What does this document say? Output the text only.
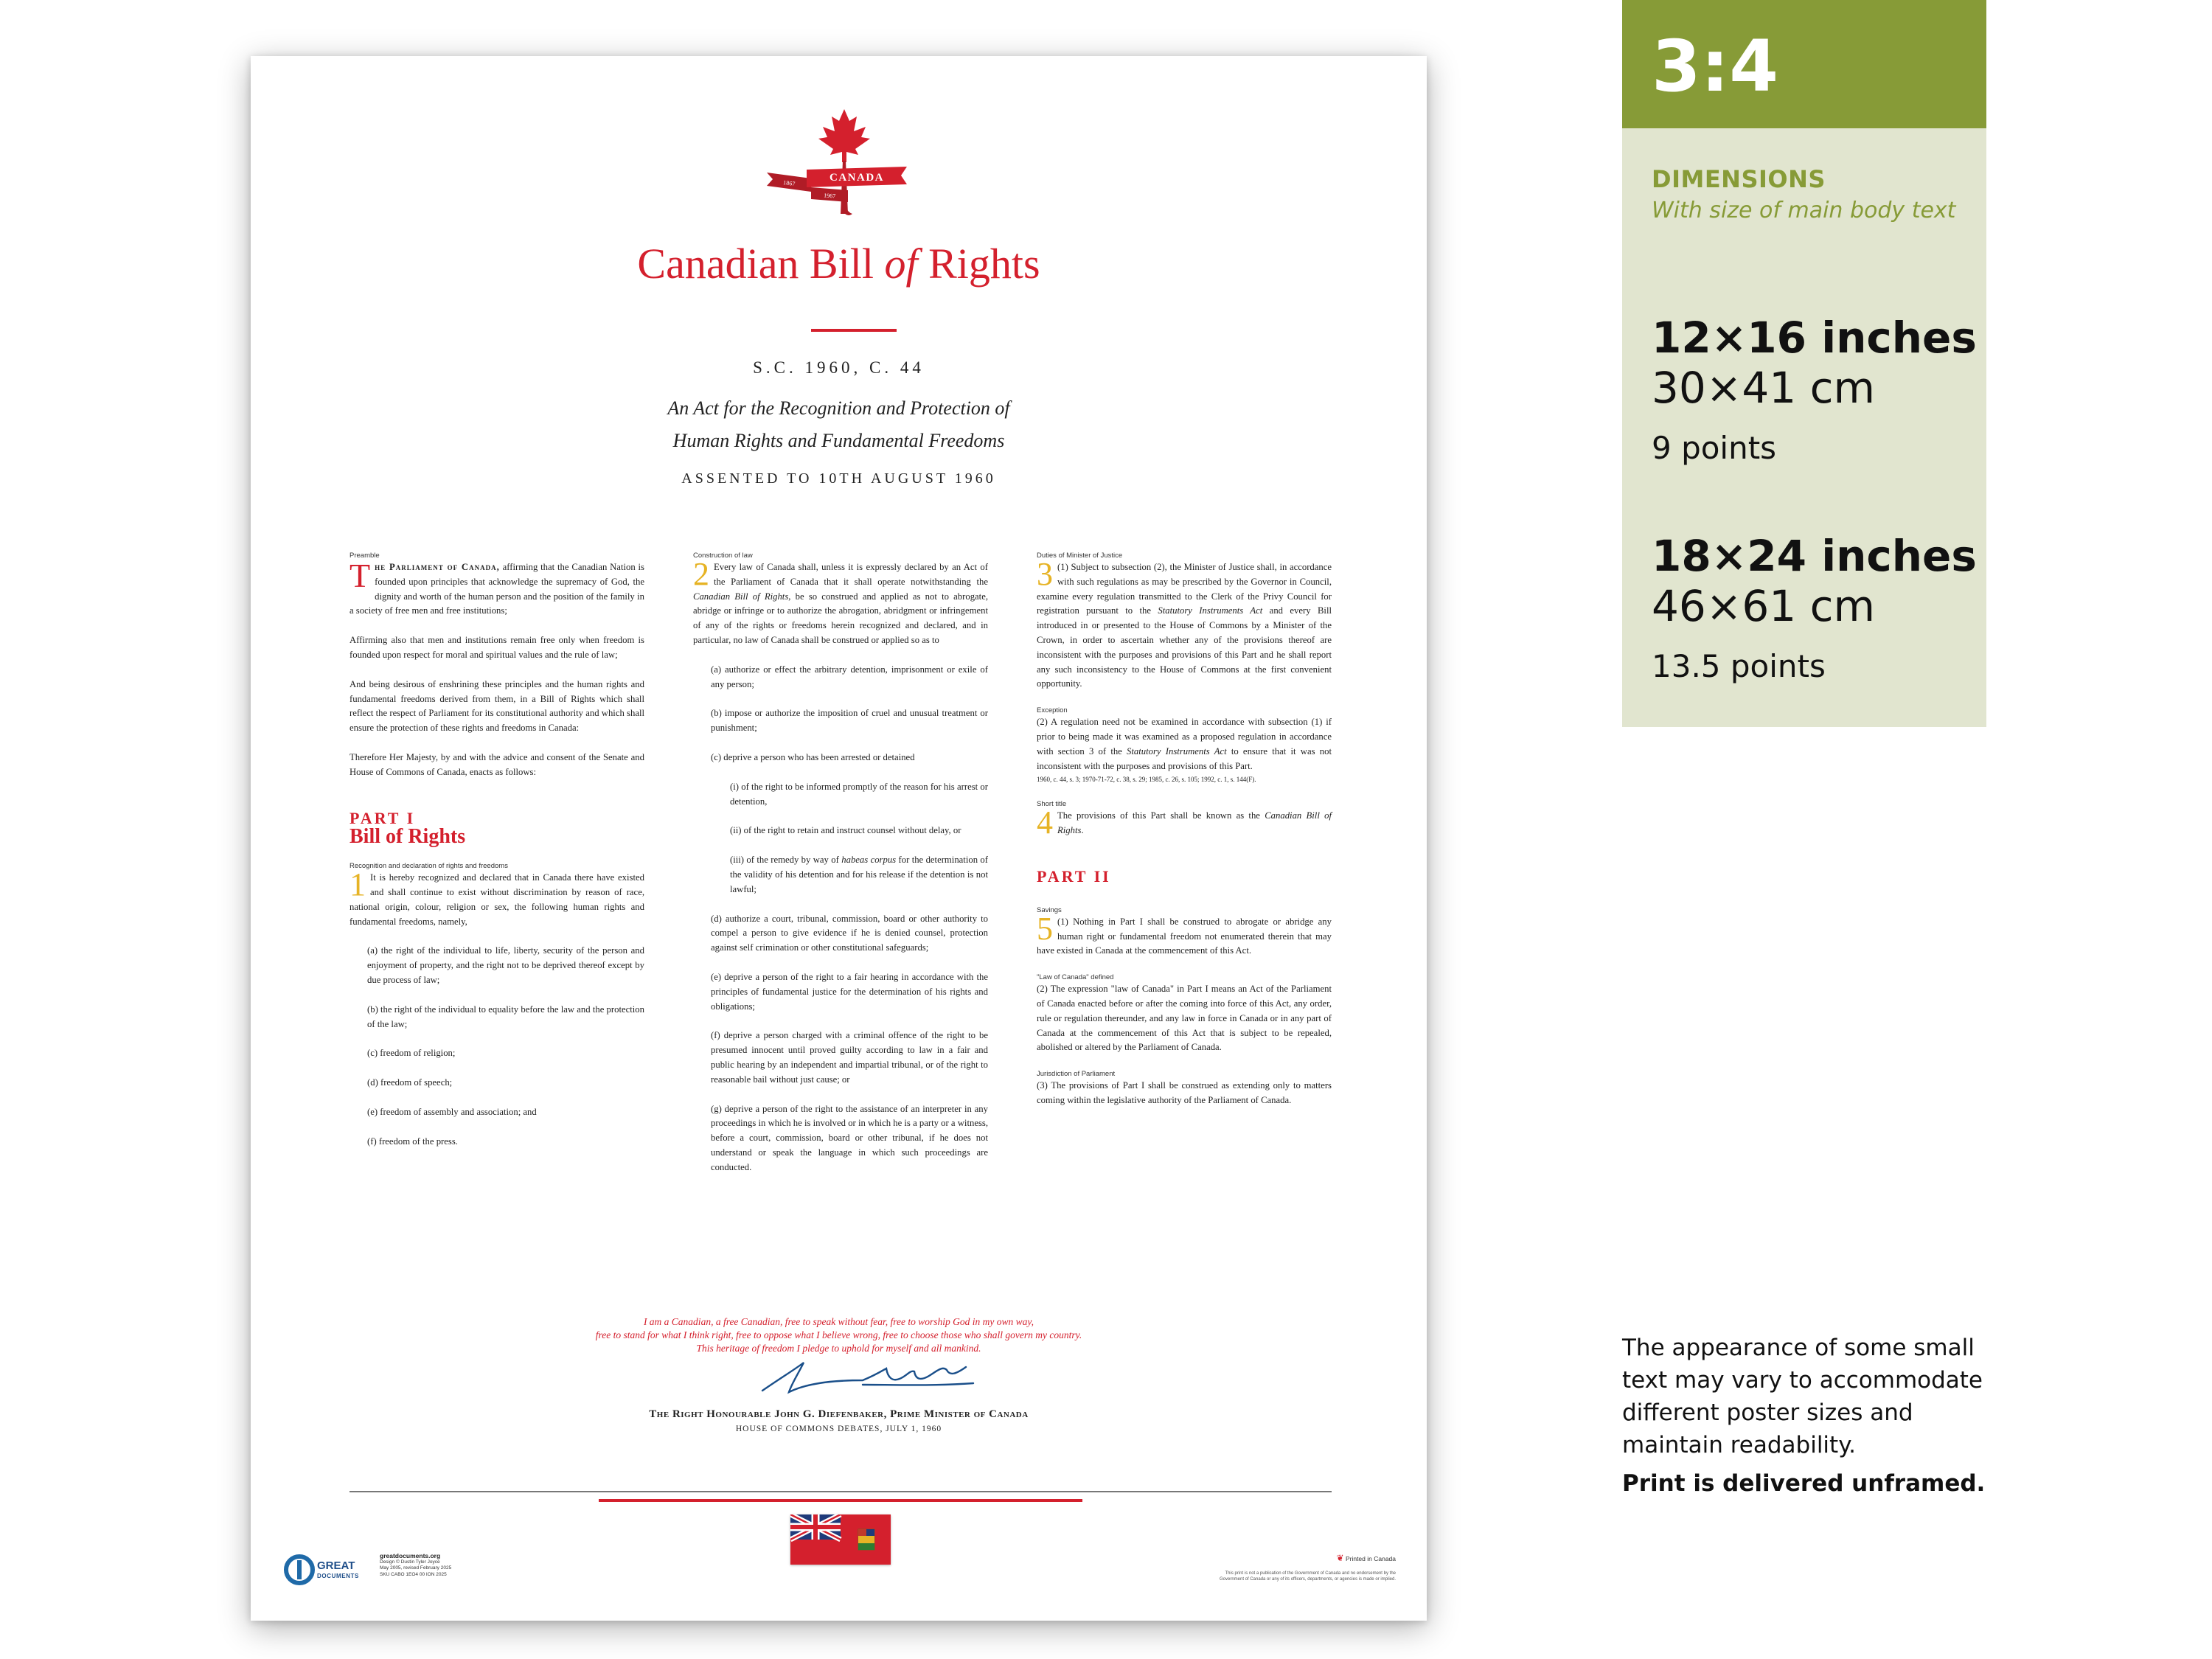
CANADA
1867
1967
Canadian Bill of Rights
S.C. 1960, C. 44
An Act for the Recognition and Protection of
Human Rights and Fundamental Freedoms
ASSENTED TO 10TH AUGUST 1960
Preamble

The Parliament of Canada, affirming that the Canadian Nation is founded upon principles that acknowledge the supremacy of God, the dignity and worth of the human person and the position of the family in a society of free men and free institutions;

Affirming also that men and institutions remain free only when freedom is founded upon respect for moral and spiritual values and the rule of law;

And being desirous of enshrining these principles and the human rights and fundamental freedoms derived from them, in a Bill of Rights which shall reflect the respect of Parliament for its constitutional authority and which shall ensure the protection of these rights and freedoms in Canada:

Therefore Her Majesty, by and with the advice and consent of the Senate and House of Commons of Canada, enacts as follows:

PART I
Bill of Rights
Recognition and declaration of rights and freedoms

1 It is hereby recognized and declared that in Canada there have existed and shall continue to exist without discrimination by reason of race, national origin, colour, religion or sex, the following human rights and fundamental freedoms, namely,

(a) the right of the individual to life, liberty, security of the person and enjoyment of property, and the right not to be deprived thereof except by due process of law;

(b) the right of the individual to equality before the law and the protection of the law;

(c) freedom of religion;

(d) freedom of speech;

(e) freedom of assembly and association; and

(f) freedom of the press.

Construction of law

2 Every law of Canada shall, unless it is expressly declared by an Act of the Parliament of Canada that it shall operate notwithstanding the Canadian Bill of Rights, be so construed and applied as not to abrogate, abridge or infringe or to authorize the abrogation, abridgment or infringement of any of the rights or freedoms herein recognized and declared, and in particular, no law of Canada shall be construed or applied so as to

(a) authorize or effect the arbitrary detention, imprisonment or exile of any person;

(b) impose or authorize the imposition of cruel and unusual treatment or punishment;

(c) deprive a person who has been arrested or detained

(i) of the right to be informed promptly of the reason for his arrest or detention,

(ii) of the right to retain and instruct counsel without delay, or

(iii) of the remedy by way of habeas corpus for the determination of the validity of his detention and for his release if the detention is not lawful;

(d) authorize a court, tribunal, commission, board or other authority to compel a person to give evidence if he is denied counsel, protection against self crimination or other constitutional safeguards;

(e) deprive a person of the right to a fair hearing in accordance with the principles of fundamental justice for the determination of his rights and obligations;

(f) deprive a person charged with a criminal offence of the right to be presumed innocent until proved guilty according to law in a fair and public hearing by an independent and impartial tribunal, or of the right to reasonable bail without just cause; or

(g) deprive a person of the right to the assistance of an interpreter in any proceedings in which he is involved or in which he is a party or a witness, before a court, commission, board or other tribunal, if he does not understand or speak the language in which such proceedings are conducted.

Duties of Minister of Justice

3 (1) Subject to subsection (2), the Minister of Justice shall, in accordance with such regulations as may be prescribed by the Governor in Council, examine every regulation transmitted to the Clerk of the Privy Council for registration pursuant to the Statutory Instruments Act and every Bill introduced in or presented to the House of Commons by a Minister of the Crown, in order to ascertain whether any of the provisions thereof are inconsistent with the purposes and provisions of this Part and he shall report any such inconsistency to the House of Commons at the first convenient opportunity.

Exception

(2) A regulation need not be examined in accordance with subsection (1) if prior to being made it was examined as a proposed regulation in accordance with section 3 of the Statutory Instruments Act to ensure that it was not inconsistent with the purposes and provisions of this Part.

1960, c. 44, s. 3; 1970-71-72, c. 38, s. 29; 1985, c. 26, s. 105; 1992, c. 1, s. 144(F).
Short title

4 The provisions of this Part shall be known as the Canadian Bill of Rights.

PART II
Savings

5 (1) Nothing in Part I shall be construed to abrogate or abridge any human right or fundamental freedom not enumerated therein that may have existed in Canada at the commencement of this Act.

"Law of Canada" defined

(2) The expression "law of Canada" in Part I means an Act of the Parliament of Canada enacted before or after the coming into force of this Act, any order, rule or regulation thereunder, and any law in force in Canada or in any part of Canada at the commencement of this Act that is subject to be repealed, abolished or altered by the Parliament of Canada.

Jurisdiction of Parliament

(3) The provisions of Part I shall be construed as extending only to matters coming within the legislative authority of the Parliament of Canada.

I am a Canadian, a free Canadian, free to speak without fear, free to worship God in my own way,
free to stand for what I think right, free to oppose what I believe wrong, free to choose those who shall govern my country.
This heritage of freedom I pledge to uphold for myself and all mankind.
The Right Honourable John G. Diefenbaker, Prime Minister of Canada
HOUSE OF COMMONS DEBATES, JULY 1, 1960
GREAT
DOCUMENTS
greatdocuments.org
Design © Dustin Tyler Joyce
May 2005, revised February 2025
SKU CABO 1EO4 00 ION 2025
❦ Printed in Canada
This print is not a publication of the Government of Canada and no endorsement by the
Government of Canada or any of its officers, departments, or agencies is made or implied.
3:4
DIMENSIONS
With size of main body text
12×16 inches
30×41 cm
9 points
18×24 inches
46×61 cm
13.5 points
The appearance of some small text may vary to accommodate different poster sizes and maintain readability.
Print is delivered unframed.
